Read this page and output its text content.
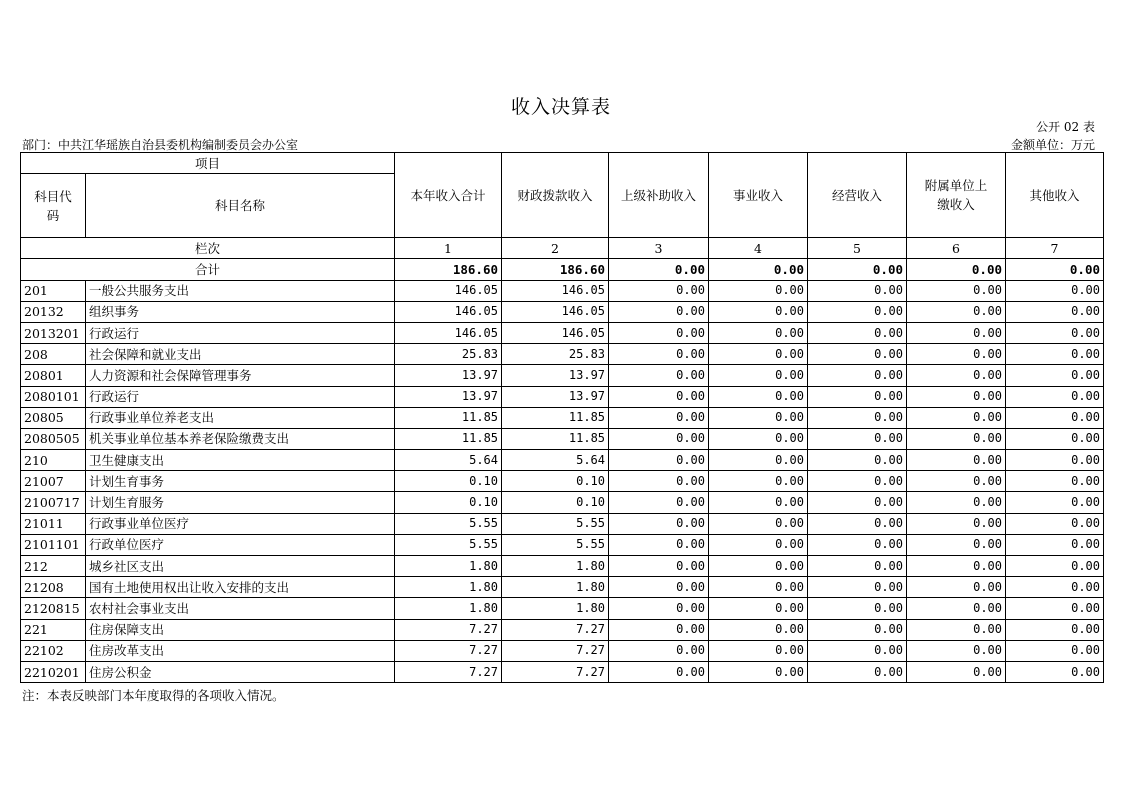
收入决算表
公开 02 表
部门：中共江华瑶族自治县委机构编制委员会办公室	金额单位：万元
项目		本年收入合计	财政拨款收入	上级补助收入	事业收入	经营收入	附属单位上缴收入	其他收入
科目代码	科目名称							
栏次		1	2	3	4	5	6	7
合计		186.60	186.60	0.00	0.00	0.00	0.00	0.00
201	一般公共服务支出	146.05	146.05	0.00	0.00	0.00	0.00	0.00
20132	组织事务	146.05	146.05	0.00	0.00	0.00	0.00	0.00
2013201	行政运行	146.05	146.05	0.00	0.00	0.00	0.00	0.00
208	社会保障和就业支出	25.83	25.83	0.00	0.00	0.00	0.00	0.00
20801	人力资源和社会保障管理事务	13.97	13.97	0.00	0.00	0.00	0.00	0.00
2080101	行政运行	13.97	13.97	0.00	0.00	0.00	0.00	0.00
20805	行政事业单位养老支出	11.85	11.85	0.00	0.00	0.00	0.00	0.00
2080505	机关事业单位基本养老保险缴费支出	11.85	11.85	0.00	0.00	0.00	0.00	0.00
210	卫生健康支出	5.64	5.64	0.00	0.00	0.00	0.00	0.00
21007	计划生育事务	0.10	0.10	0.00	0.00	0.00	0.00	0.00
2100717	计划生育服务	0.10	0.10	0.00	0.00	0.00	0.00	0.00
21011	行政事业单位医疗	5.55	5.55	0.00	0.00	0.00	0.00	0.00
2101101	行政单位医疗	5.55	5.55	0.00	0.00	0.00	0.00	0.00
212	城乡社区支出	1.80	1.80	0.00	0.00	0.00	0.00	0.00
21208	国有土地使用权出让收入安排的支出	1.80	1.80	0.00	0.00	0.00	0.00	0.00
2120815	农村社会事业支出	1.80	1.80	0.00	0.00	0.00	0.00	0.00
221	住房保障支出	7.27	7.27	0.00	0.00	0.00	0.00	0.00
22102	住房改革支出	7.27	7.27	0.00	0.00	0.00	0.00	0.00
2210201	住房公积金	7.27	7.27	0.00	0.00	0.00	0.00	0.00
注：本表反映部门本年度取得的各项收入情况。
